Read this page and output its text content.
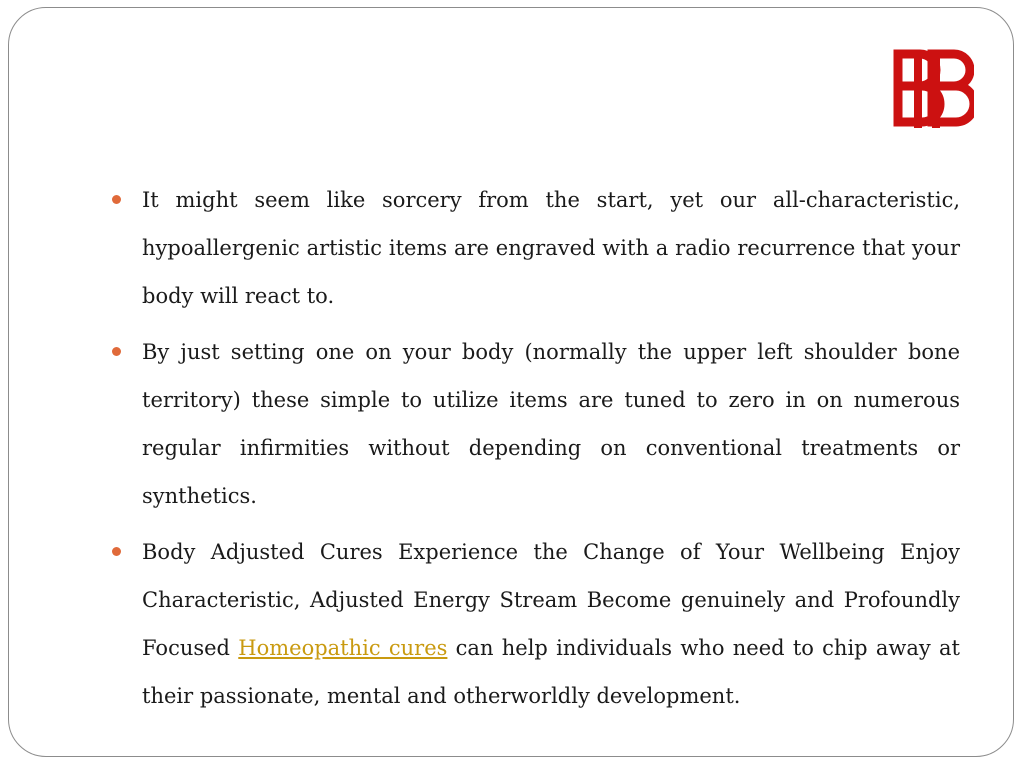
It might seem like sorcery from the start, yet our all-characteristic, hypoallergenic artistic items are engraved with a radio recurrence that your body will react to.
By just setting one on your body (normally the upper left shoulder bone territory) these simple to utilize items are tuned to zero in on numerous regular infirmities without depending on conventional treatments or synthetics.
Body Adjusted Cures Experience the Change of Your Wellbeing Enjoy Characteristic, Adjusted Energy Stream Become genuinely and Profoundly Focused Homeopathic cures can help individuals who need to chip away at their passionate, mental and otherworldly development.
